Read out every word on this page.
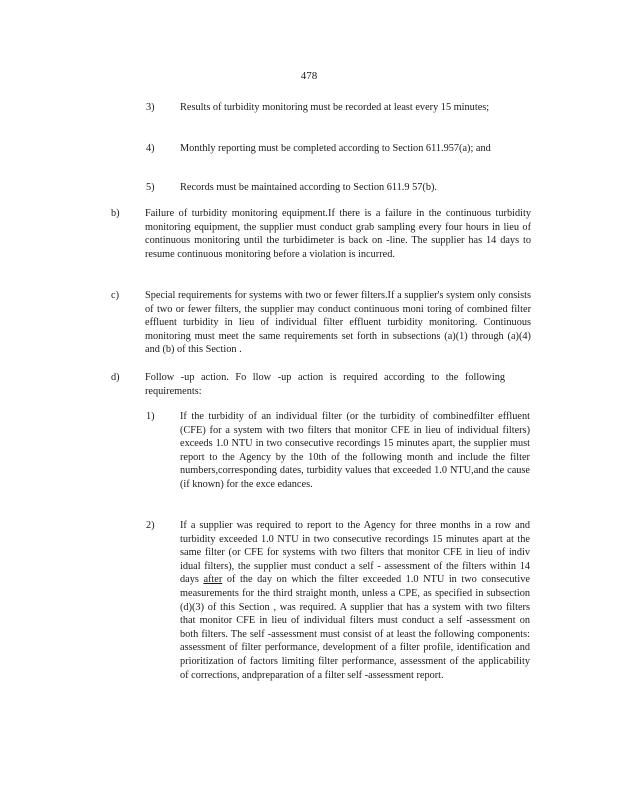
478
3) Results of turbidity monitoring must be recorded at least every 15 minutes;
4) Monthly reporting must be completed according to Section 611.957(a); and
5) Records must be maintained according to Section 611.9 57(b).
b) Failure of turbidity monitoring equipment.If there is a failure in the continuous turbidity monitoring equipment, the supplier must conduct grab sampling every four hours in lieu of continuous monitoring until the turbidimeter is back on -line. The supplier has 14 days to resume continuous monitoring before a violation is incurred.
c)	Special requirements for systems with two or fewer filters.If a supplier's system only consists of two or fewer filters, the supplier may conduct continuous moni toring of combined filter effluent turbidity in lieu of individual filter effluent turbidity monitoring. Continuous monitoring must meet the same requirements set forth in subsections (a)(1) through (a)(4) and (b) of this Section .
d) Follow -up action. Fo llow -up action is required according to the following requirements:
1) If the turbidity of an individual filter (or the turbidity of combinedfilter effluent (CFE) for a system with two filters that monitor CFE in lieu of individual filters) exceeds 1.0 NTU in two consecutive recordings 15 minutes apart, the supplier must report to the Agency by the 10th of the following month and include the filter numbers,corresponding dates, turbidity values that exceeded 1.0 NTU,and the cause (if known) for the exce edances.
2) If a supplier was required to report to the Agency for three months in a row and turbidity exceeded 1.0 NTU in two consecutive recordings 15 minutes apart at the same filter (or CFE for systems with two filters that monitor CFE in lieu of indiv idual filters), the supplier must conduct a self - assessment of the filters within 14 days after of the day on which the filter exceeded 1.0 NTU in two consecutive measurements for the third straight month, unless a CPE, as specified in subsection (d)(3) of this Section , was required. A supplier that has a system with two filters that monitor CFE in lieu of individual filters must conduct a self -assessment on both filters. The self -assessment must consist of at least the following components: assessment of filter performance, development of a filter profile, identification and prioritization of factors limiting filter performance, assessment of the applicability of corrections, andpreparation of a filter self -assessment report.
